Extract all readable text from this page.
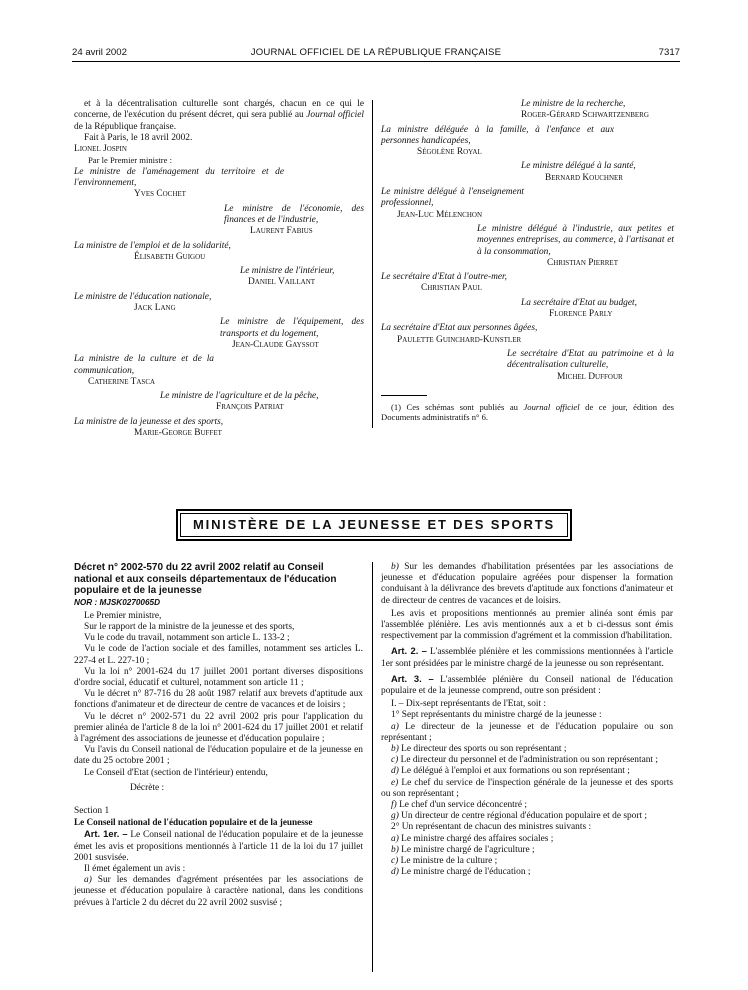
24 avril 2002	JOURNAL OFFICIEL DE LA RÉPUBLIQUE FRANÇAISE	7317

et à la décentralisation culturelle sont chargés, chacun en ce qui le concerne, de l'exécution du présent décret, qui sera publié au Journal officiel de la République française.

Fait à Paris, le 18 avril 2002.

Lionel Jospin

Par le Premier ministre :

Le ministre de l'aménagement du territoire et de l'environnement,

Yves Cochet

Le ministre de l'économie, des finances et de l'industrie,

Laurent Fabius

La ministre de l'emploi et de la solidarité,

Élisabeth Guigou

Le ministre de l'intérieur,

Daniel Vaillant

Le ministre de l'éducation nationale,

Jack Lang

Le ministre de l'équipement, des transports et du logement,

Jean-Claude Gayssot

La ministre de la culture et de la communication,

Catherine Tasca

Le ministre de l'agriculture et de la pêche,

François Patriat

La ministre de la jeunesse et des sports,

Marie-George Buffet

Le ministre de la recherche,

Roger-Gérard Schwartzenberg

La ministre déléguée à la famille, à l'enfance et aux personnes handicapées,

Ségolène Royal

Le ministre délégué à la santé,

Bernard Kouchner

Le ministre délégué à l'enseignement professionnel,

Jean-Luc Mélenchon

Le ministre délégué à l'industrie, aux petites et moyennes entreprises, au commerce, à l'artisanat et à la consommation,

Christian Pierret

Le secrétaire d'Etat à l'outre-mer,

Christian Paul

La secrétaire d'Etat au budget,

Florence Parly

La secrétaire d'Etat aux personnes âgées,

Paulette Guinchard-Kunstler

Le secrétaire d'Etat au patrimoine et à la décentralisation culturelle,

Michel Duffour

(1) Ces schémas sont publiés au Journal officiel de ce jour, édition des Documents administratifs n° 6.

MINISTÈRE DE LA JEUNESSE ET DES SPORTS

Décret n° 2002-570 du 22 avril 2002 relatif au Conseil national et aux conseils départementaux de l'éducation populaire et de la jeunesse

NOR : MJSK0270065D

Le Premier ministre,

Sur le rapport de la ministre de la jeunesse et des sports,

Vu le code du travail, notamment son article L. 133-2 ;

Vu le code de l'action sociale et des familles, notamment ses articles L. 227-4 et L. 227-10 ;

Vu la loi n° 2001-624 du 17 juillet 2001 portant diverses dispositions d'ordre social, éducatif et culturel, notamment son article 11 ;

Vu le décret n° 87-716 du 28 août 1987 relatif aux brevets d'aptitude aux fonctions d'animateur et de directeur de centre de vacances et de loisirs ;

Vu le décret n° 2002-571 du 22 avril 2002 pris pour l'application du premier alinéa de l'article 8 de la loi n° 2001-624 du 17 juillet 2001 et relatif à l'agrément des associations de jeunesse et d'éducation populaire ;

Vu l'avis du Conseil national de l'éducation populaire et de la jeunesse en date du 25 octobre 2001 ;

Le Conseil d'Etat (section de l'intérieur) entendu,

Décrète :

Section 1

Le Conseil national de l'éducation populaire et de la jeunesse

Art. 1er. – Le Conseil national de l'éducation populaire et de la jeunesse émet les avis et propositions mentionnés à l'article 11 de la loi du 17 juillet 2001 susvisée.

Il émet également un avis :

a) Sur les demandes d'agrément présentées par les associations de jeunesse et d'éducation populaire à caractère national, dans les conditions prévues à l'article 2 du décret du 22 avril 2002 susvisé ;

b) Sur les demandes d'habilitation présentées par les associations de jeunesse et d'éducation populaire agréées pour dispenser la formation conduisant à la délivrance des brevets d'aptitude aux fonctions d'animateur et de directeur de centres de vacances et de loisirs.

Les avis et propositions mentionnés au premier alinéa sont émis par l'assemblée plénière. Les avis mentionnés aux a et b ci-dessus sont émis respectivement par la commission d'agrément et la commission d'habilitation.

Art. 2. – L'assemblée plénière et les commissions mentionnées à l'article 1er sont présidées par le ministre chargé de la jeunesse ou son représentant.

Art. 3. – L'assemblée plénière du Conseil national de l'éducation populaire et de la jeunesse comprend, outre son président :

I. – Dix-sept représentants de l'Etat, soit :

1° Sept représentants du ministre chargé de la jeunesse :

a) Le directeur de la jeunesse et de l'éducation populaire ou son représentant ;

b) Le directeur des sports ou son représentant ;

c) Le directeur du personnel et de l'administration ou son représentant ;

d) Le délégué à l'emploi et aux formations ou son représentant ;

e) Le chef du service de l'inspection générale de la jeunesse et des sports ou son représentant ;

f) Le chef d'un service déconcentré ;

g) Un directeur de centre régional d'éducation populaire et de sport ;

2° Un représentant de chacun des ministres suivants :

a) Le ministre chargé des affaires sociales ;

b) Le ministre chargé de l'agriculture ;

c) Le ministre de la culture ;

d) Le ministre chargé de l'éducation ;
